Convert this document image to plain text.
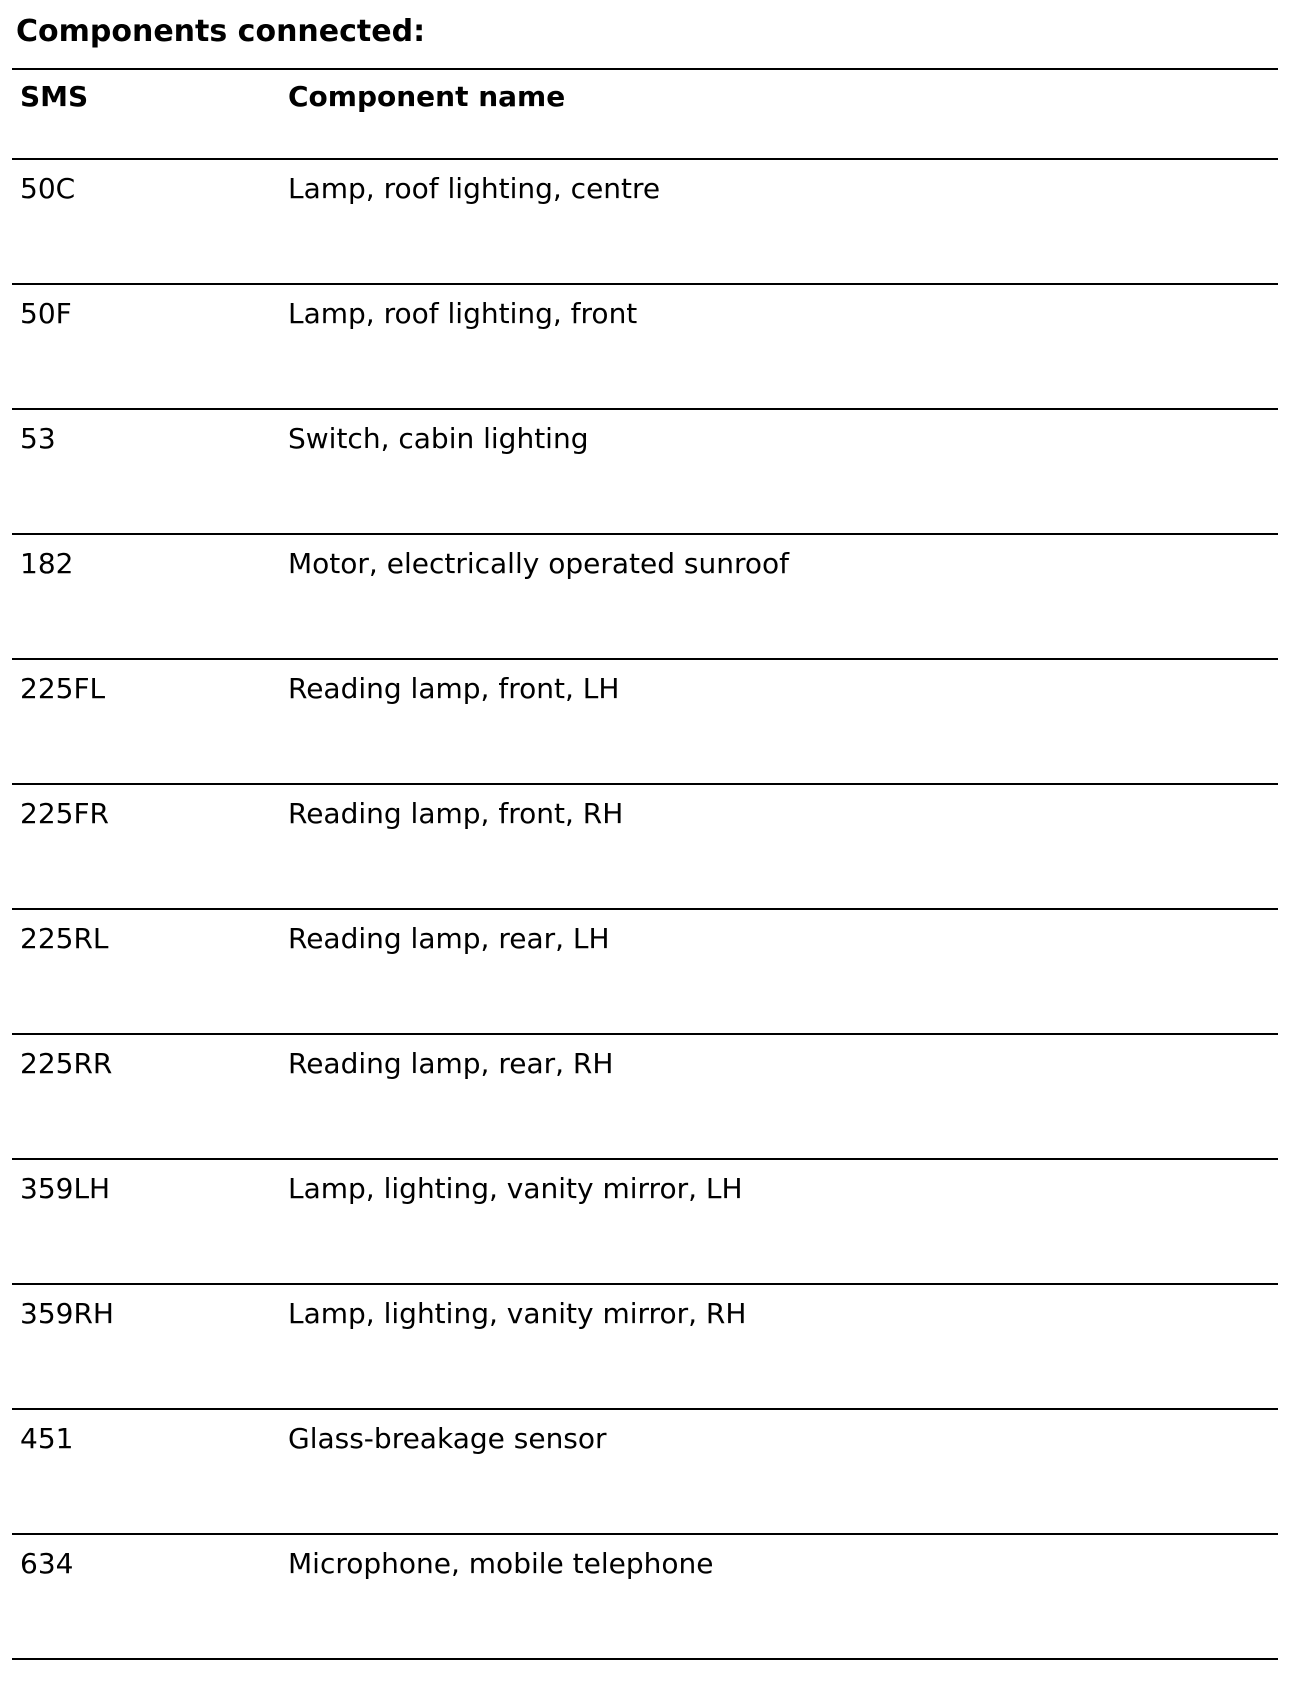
Components connected:
SMS	Component name
50C	Lamp, roof lighting, centre
50F	Lamp, roof lighting, front
53	Switch, cabin lighting
182	Motor, electrically operated sunroof
225FL	Reading lamp, front, LH
225FR	Reading lamp, front, RH
225RL	Reading lamp, rear, LH
225RR	Reading lamp, rear, RH
359LH	Lamp, lighting, vanity mirror, LH
359RH	Lamp, lighting, vanity mirror, RH
451	Glass-breakage sensor
634	Microphone, mobile telephone
